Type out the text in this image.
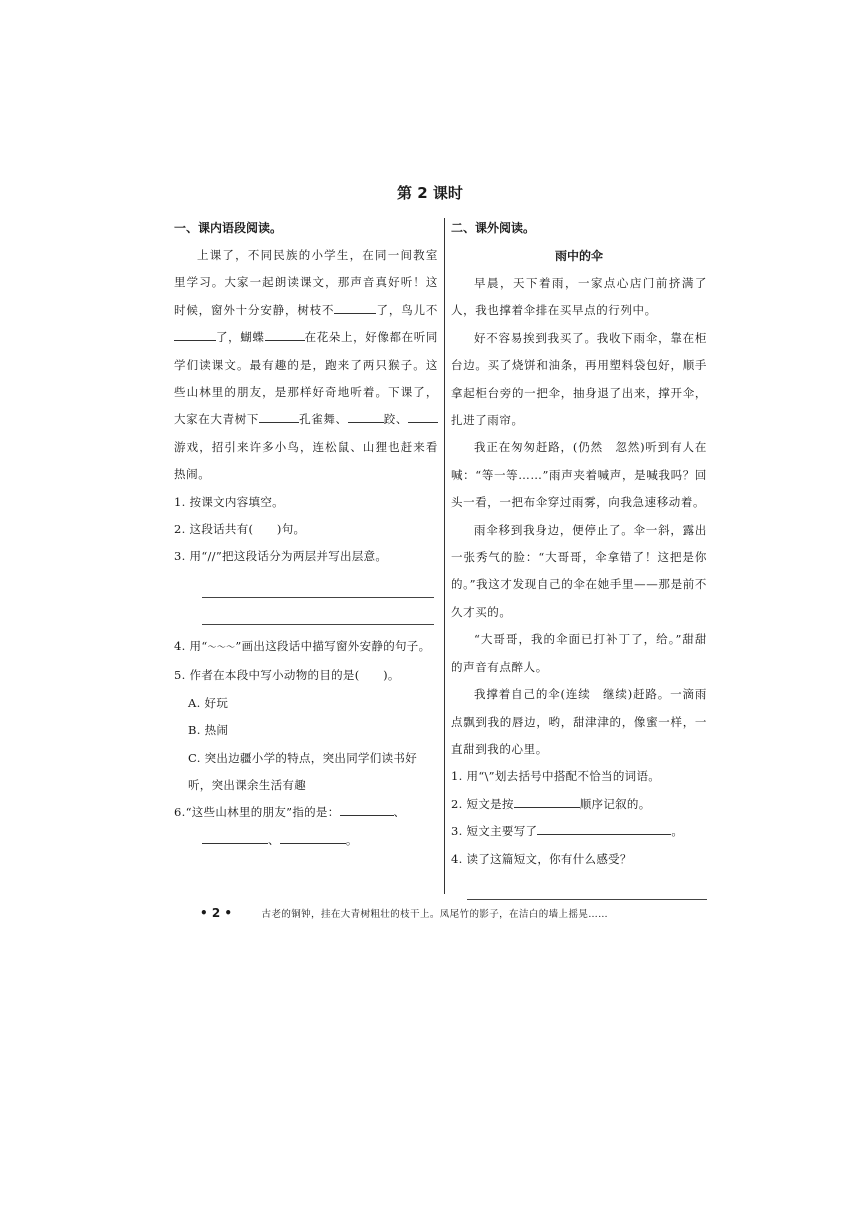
第 2 课时
一、课内语段阅读。
上课了，不同民族的小学生，在同一间教室里学习。大家一起朗读课文，那声音真好听！这时候，窗外十分安静，树枝不	了，鸟儿不了，蝴蝶	在花朵上，好像都在听同学们读课文。最有趣的是，跑来了两只猴子。这些山林里的朋友，是那样好奇地听着。下课了，大家在大青树下	孔雀舞、	跤、游戏，招引来许多小鸟，连松鼠、山狸也赶来看热闹。
1. 按课文内容填空。
2. 这段话共有(　　)句。
3. 用“//”把这段话分为两层并写出层意。
4. 用“～～～”画出这段话中描写窗外安静的句子。
5. 作者在本段中写小动物的目的是(　　)。
A. 好玩
B. 热闹
C. 突出边疆小学的特点，突出同学们读书好听，突出课余生活有趣
6.“这些山林里的朋友”指的是：	、
、	。
二、课外阅读。
雨中的伞
早晨，天下着雨，一家点心店门前挤满了人，我也撑着伞排在买早点的行列中。
好不容易挨到我买了。我收下雨伞，靠在柜台边。买了烧饼和油条，再用塑料袋包好，顺手拿起柜台旁的一把伞，抽身退了出来，撑开伞，扎进了雨帘。
我正在匆匆赶路，(仍然　忽然)听到有人在喊：“等一等……”雨声夹着喊声，是喊我吗？回头一看，一把布伞穿过雨雾，向我急速移动着。
雨伞移到我身边，便停止了。伞一斜，露出一张秀气的脸：“大哥哥，伞拿错了！这把是你的。”我这才发现自己的伞在她手里——那是前不久才买的。
“大哥哥，我的伞面已打补丁了，给。”甜甜的声音有点醉人。
我撑着自己的伞(连续　继续)赶路。一滴雨点飘到我的唇边，哟，甜津津的，像蜜一样，一直甜到我的心里。
1. 用“\”划去括号中搭配不恰当的词语。
2. 短文是按	顺序记叙的。
3. 短文主要写了	。
4. 读了这篇短文，你有什么感受？
• 2 •	古老的铜钟，挂在大青树粗壮的枝干上。凤尾竹的影子，在洁白的墙上摇晃……
